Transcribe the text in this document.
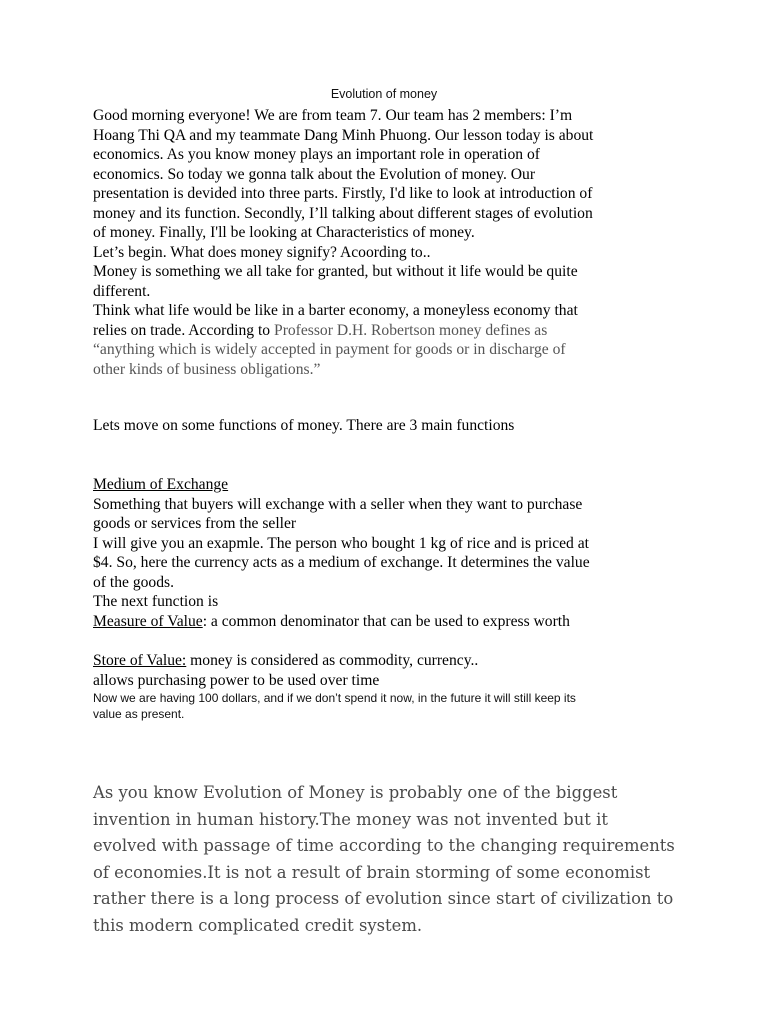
Evolution of money

Good morning everyone! We are from team 7. Our team has 2 members: I’m

Hoang Thi QA and my teammate Dang Minh Phuong. Our lesson today is about

economics. As you know money plays an important role in operation of

economics. So today we gonna talk about the Evolution of money. Our

presentation is devided into three parts. Firstly, I'd like to look at introduction of

money and its function. Secondly, I’ll talking about different stages of evolution

of money. Finally, I'll be looking at Characteristics of money.

Let’s begin. What does money signify? Acoording to..

Money is something we all take for granted, but without it life would be quite

different.

Think what life would be like in a barter economy, a moneyless economy that

relies on trade. According to Professor D.H. Robertson money defines as

“anything which is widely accepted in payment for goods or in discharge of

other kinds of business obligations.”

Lets move on some functions of money. There are 3 main functions

Medium of Exchange

Something that buyers will exchange with a seller when they want to purchase

goods or services from the seller

I will give you an exapmle. The person who bought 1 kg of rice and is priced at

$4. So, here the currency acts as a medium of exchange. It determines the value

of the goods.

The next function is

Measure of Value: a common denominator that can be used to express worth

Store of Value: money is considered as commodity, currency..

allows purchasing power to be used over time

Now we are having 100 dollars, and if we don’t spend it now, in the future it will still keep its

value as present.

As you know Evolution of Money is probably one of the biggest
invention in human history.The money was not invented but it
evolved with passage of time according to the changing requirements
of economies.It is not a result of brain storming of some economist
rather there is a long process of evolution since start of civilization to
this modern complicated credit system.
